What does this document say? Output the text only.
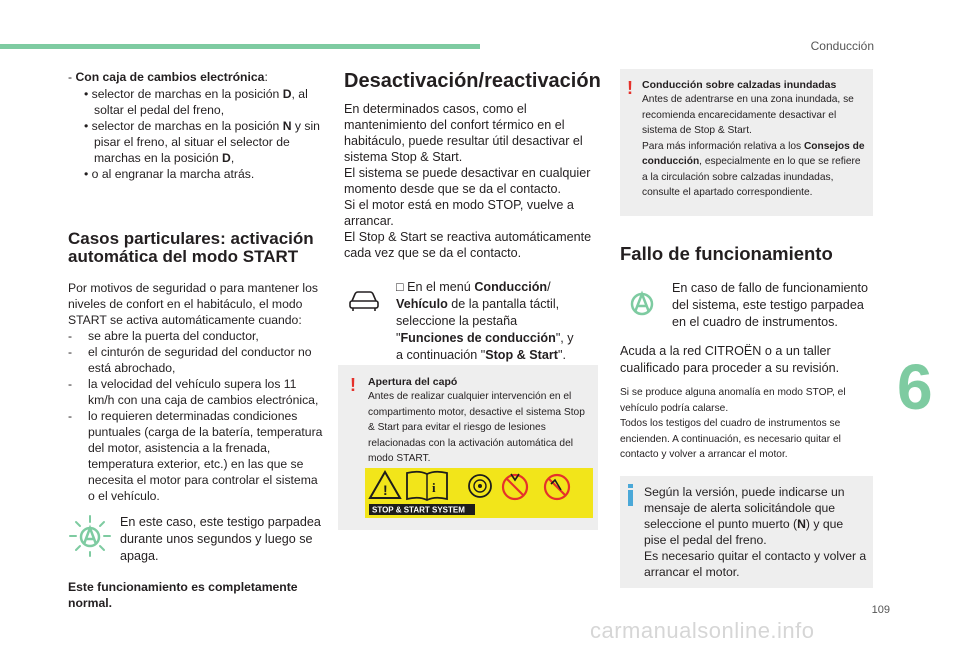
Conducción
6
109
carmanualsonline.info
- Con caja de cambios electrónica:
• selector de marchas en la posición D, al soltar el pedal del freno,
• selector de marchas en la posición N y sin pisar el freno, al situar el selector de marchas en la posición D,
• o al engranar la marcha atrás.
Casos particulares: activación automática del modo START
Por motivos de seguridad o para mantener los niveles de confort en el habitáculo, el modo START se activa automáticamente cuando:
- se abre la puerta del conductor,
- el cinturón de seguridad del conductor no está abrochado,
- la velocidad del vehículo supera los 11 km/h con una caja de cambios electrónica,
- lo requieren determinadas condiciones puntuales (carga de la batería, temperatura del motor, asistencia a la frenada, temperatura exterior, etc.) en las que se necesita el motor para controlar el sistema o el vehículo.
En este caso, este testigo parpadea durante unos segundos y luego se apaga.
Este funcionamiento es completamente normal.
Desactivación/reactivación
En determinados casos, como el mantenimiento del confort térmico en el habitáculo, puede resultar útil desactivar el sistema Stop & Start.
El sistema se puede desactivar en cualquier momento desde que se da el contacto.
Si el motor está en modo STOP, vuelve a arrancar.
El Stop & Start se reactiva automáticamente cada vez que se da el contacto.
□ En el menú Conducción/ Vehículo de la pantalla táctil, seleccione la pestaña "Funciones de conducción", y a continuación "Stop & Start".
! Apertura del capó
Antes de realizar cualquier intervención en el compartimento motor, desactive el sistema Stop & Start para evitar el riesgo de lesiones relacionadas con la activación automática del modo START.
!	i
STOP & START SYSTEM
! Conducción sobre calzadas inundadas
Antes de adentrarse en una zona inundada, se recomienda encarecidamente desactivar el sistema de Stop & Start.
Para más información relativa a los Consejos de conducción, especialmente en lo que se refiere a la circulación sobre calzadas inundadas, consulte el apartado correspondiente.
Fallo de funcionamiento
En caso de fallo de funcionamiento del sistema, este testigo parpadea en el cuadro de instrumentos.
Acuda a la red CITROËN o a un taller cualificado para proceder a su revisión.
Si se produce alguna anomalía en modo STOP, el vehículo podría calarse.
Todos los testigos del cuadro de instrumentos se encienden. A continuación, es necesario quitar el contacto y volver a arrancar el motor.
Según la versión, puede indicarse un mensaje de alerta solicitándole que seleccione el punto muerto (N) y que pise el pedal del freno.
Es necesario quitar el contacto y volver a arrancar el motor.
